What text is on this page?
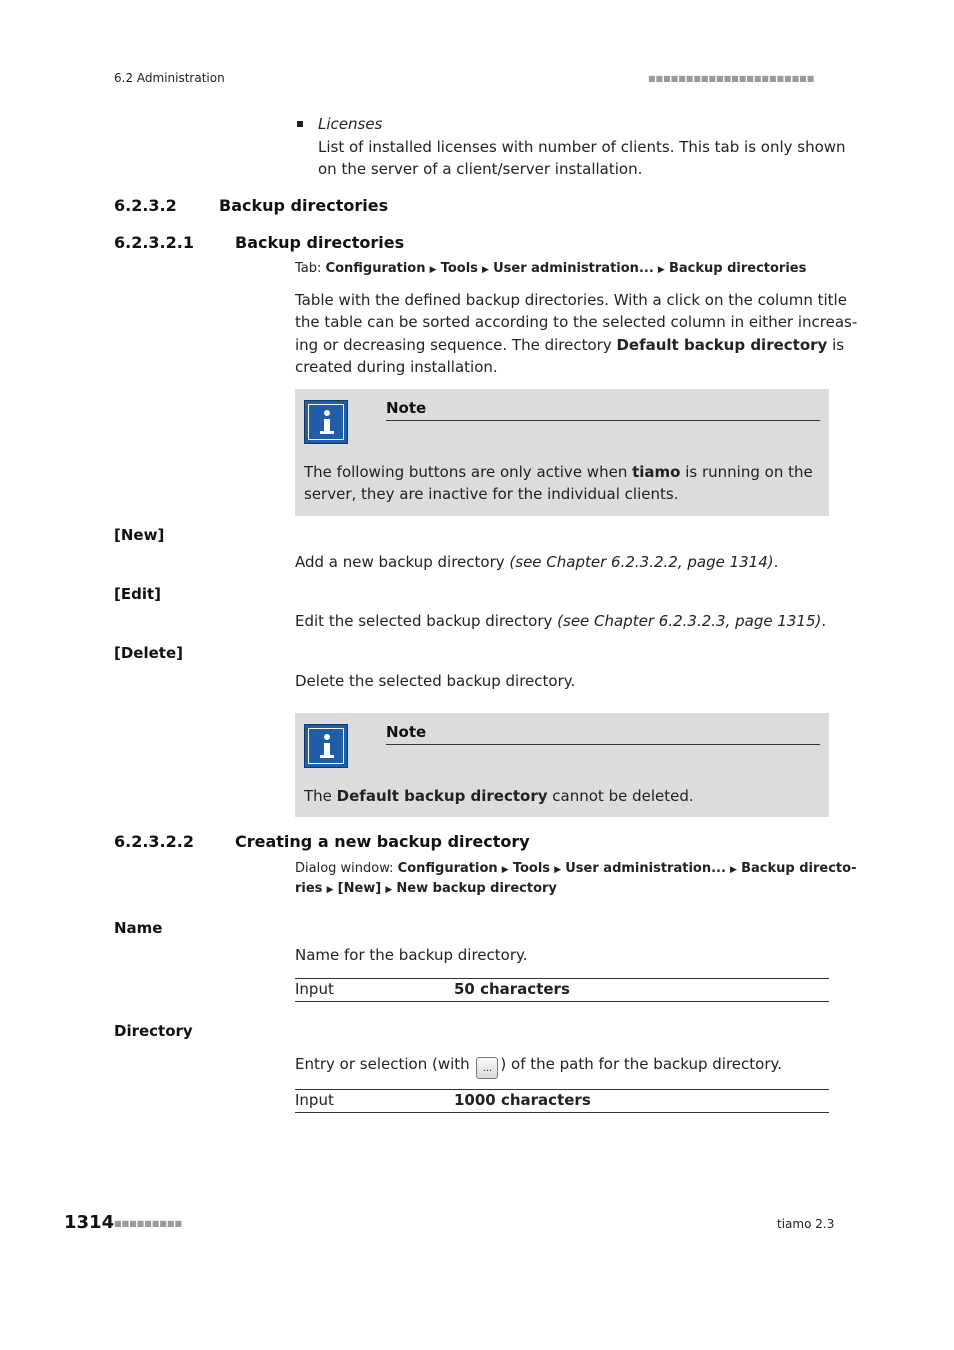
6.2 Administration	■■■■■■■■■■■■■■■■■■■■■■
Licenses
List of installed licenses with number of clients. This tab is only shown
on the server of a client/server installation.
6.2.3.2	Backup directories
6.2.3.2.1	Backup directories
Tab: Configuration ▶ Tools ▶ User administration... ▶ Backup directories
Table with the defined backup directories. With a click on the column title
the table can be sorted according to the selected column in either increas-
ing or decreasing sequence. The directory Default backup directory is
created during installation.
Note
The following buttons are only active when tiamo is running on the
server, they are inactive for the individual clients.
[New]
Add a new backup directory (see Chapter 6.2.3.2.2, page 1314).
[Edit]
Edit the selected backup directory (see Chapter 6.2.3.2.3, page 1315).
[Delete]
Delete the selected backup directory.
Note
The Default backup directory cannot be deleted.
6.2.3.2.2	Creating a new backup directory
Dialog window: Configuration ▶ Tools ▶ User administration... ▶ Backup directo-
ries ▶ [New] ▶ New backup directory
Name
Name for the backup directory.
Input	50 characters
Directory
Entry or selection (with ... ) of the path for the backup directory.
Input	1000 characters
1314 ■■■■■■■■■	tiamo 2.3
